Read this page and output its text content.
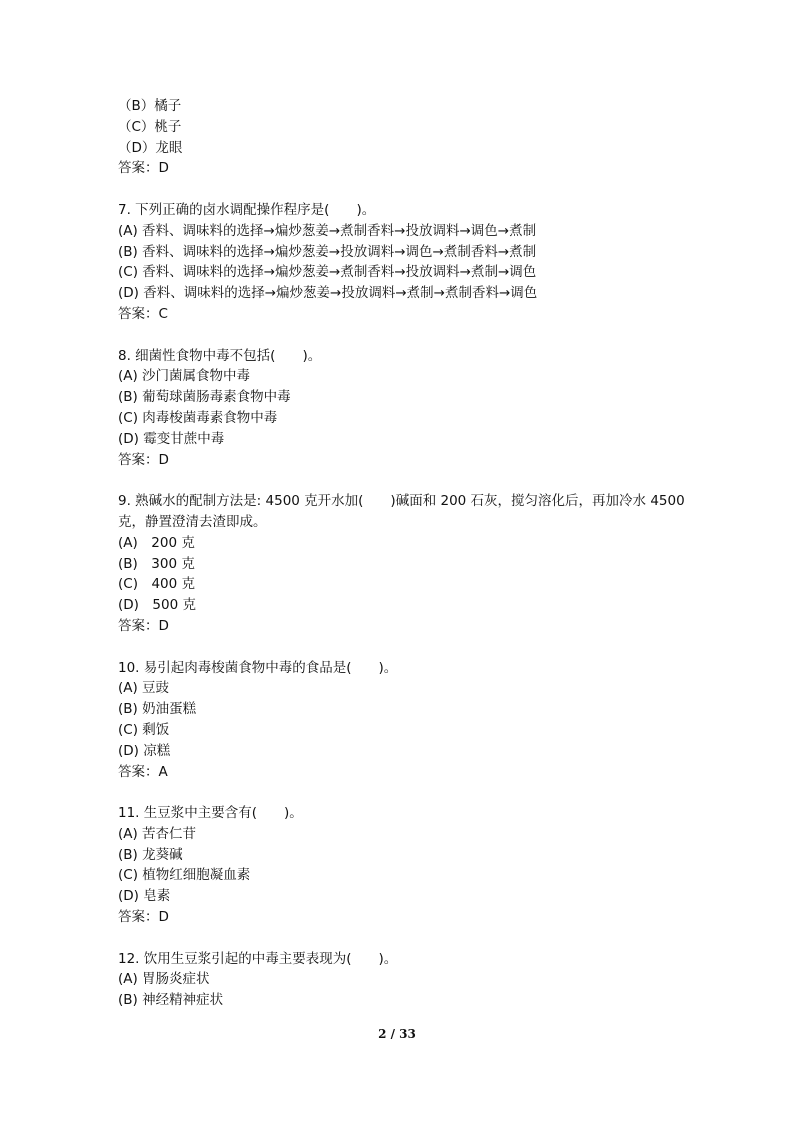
（B）橘子
（C）桃子
（D）龙眼
答案：D
7. 下列正确的卤水调配操作程序是(　　)。
(A) 香料、调味料的选择→煸炒葱姜→煮制香料→投放调料→调色→煮制
(B) 香料、调味料的选择→煸炒葱姜→投放调料→调色→煮制香料→煮制
(C) 香料、调味料的选择→煸炒葱姜→煮制香料→投放调料→煮制→调色
(D) 香料、调味料的选择→煸炒葱姜→投放调料→煮制→煮制香料→调色
答案：C
8. 细菌性食物中毒不包括(　　)。
(A) 沙门菌属食物中毒
(B) 葡萄球菌肠毒素食物中毒
(C) 肉毒梭菌毒素食物中毒
(D) 霉变甘蔗中毒
答案：D
9. 熟碱水的配制方法是: 4500 克开水加(　　)碱面和 200 石灰，搅匀溶化后，再加冷水 4500 克，静置澄清去渣即成。
(A)　200 克
(B)　300 克
(C)　400 克
(D)　500 克
答案：D
10. 易引起肉毒梭菌食物中毒的食品是(　　)。
(A) 豆豉
(B) 奶油蛋糕
(C) 剩饭
(D) 凉糕
答案：A
11. 生豆浆中主要含有(　　)。
(A) 苦杏仁苷
(B) 龙葵碱
(C) 植物红细胞凝血素
(D) 皂素
答案：D
12. 饮用生豆浆引起的中毒主要表现为(　　)。
(A) 胃肠炎症状
(B) 神经精神症状
2 / 33
